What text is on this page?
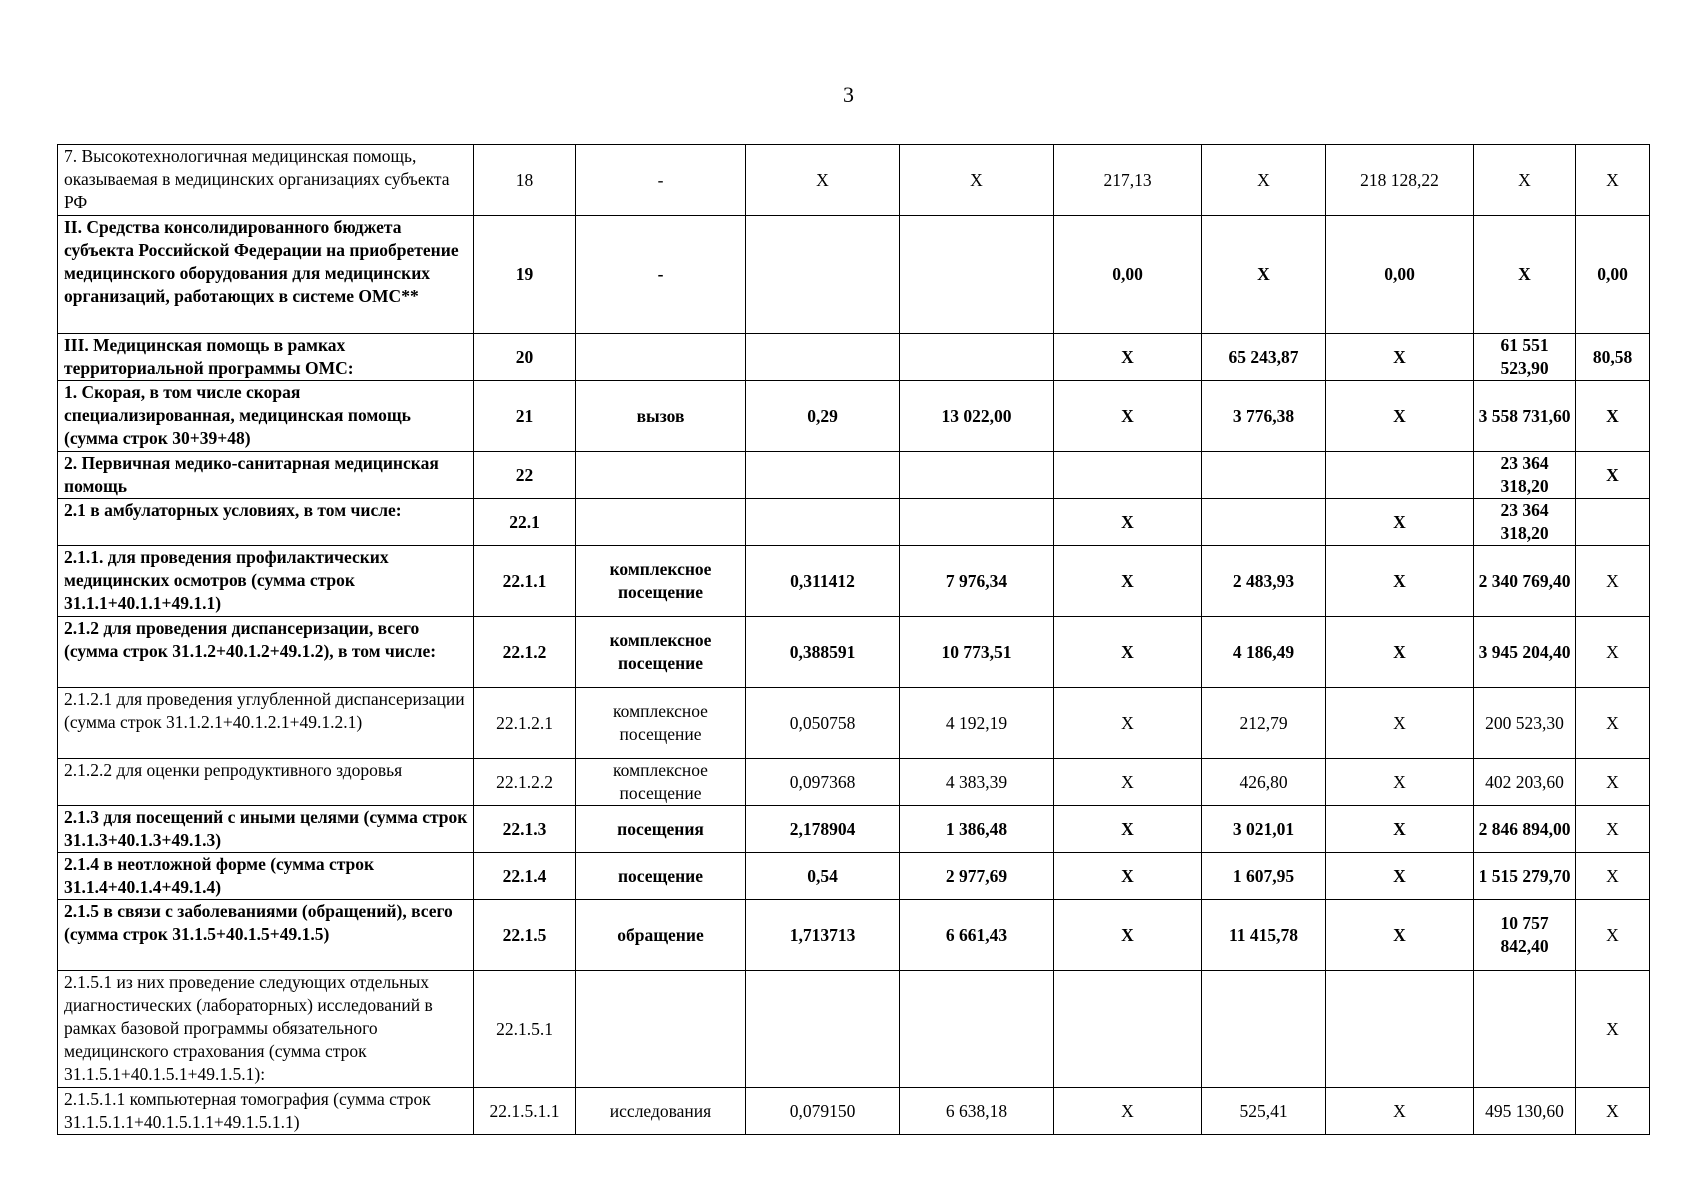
3
7. Высокотехнологичная медицинская помощь, оказываемая в медицинских организациях субъекта РФ	18	-	Х	Х	217,13	Х	218 128,22	Х	Х
II. Средства консолидированного бюджета субъекта Российской Федерации на приобретение медицинского оборудования для медицинских организаций, работающих в системе ОМС**	19	-			0,00	Х	0,00	Х	0,00
III. Медицинская помощь в рамках территориальной программы ОМС:	20				Х	65 243,87	Х	61 551 523,90	80,58
1. Скорая, в том числе скорая специализированная, медицинская помощь (сумма строк 30+39+48)	21	вызов	0,29	13 022,00	Х	3 776,38	Х	3 558 731,60	Х
2. Первичная медико-санитарная медицинская помощь	22							23 364 318,20	Х
2.1 в амбулаторных условиях, в том числе:	22.1				Х		Х	23 364 318,20	
2.1.1. для проведения профилактических медицинских осмотров (сумма строк 31.1.1+40.1.1+49.1.1)	22.1.1	комплексное посещение	0,311412	7 976,34	Х	2 483,93	Х	2 340 769,40	Х
2.1.2 для проведения диспансеризации, всего (сумма строк 31.1.2+40.1.2+49.1.2), в том числе:	22.1.2	комплексное посещение	0,388591	10 773,51	Х	4 186,49	Х	3 945 204,40	Х
2.1.2.1 для проведения углубленной диспансеризации (сумма строк 31.1.2.1+40.1.2.1+49.1.2.1)	22.1.2.1	комплексное посещение	0,050758	4 192,19	Х	212,79	Х	200 523,30	Х
2.1.2.2 для оценки репродуктивного здоровья	22.1.2.2	комплексное посещение	0,097368	4 383,39	Х	426,80	Х	402 203,60	Х
2.1.3 для посещений с иными целями (сумма строк 31.1.3+40.1.3+49.1.3)	22.1.3	посещения	2,178904	1 386,48	Х	3 021,01	Х	2 846 894,00	Х
2.1.4 в неотложной форме (сумма строк 31.1.4+40.1.4+49.1.4)	22.1.4	посещение	0,54	2 977,69	Х	1 607,95	Х	1 515 279,70	Х
2.1.5 в связи с заболеваниями (обращений), всего (сумма строк 31.1.5+40.1.5+49.1.5)	22.1.5	обращение	1,713713	6 661,43	Х	11 415,78	Х	10 757 842,40	Х
2.1.5.1 из них проведение следующих отдельных диагностических (лабораторных) исследований в рамках базовой программы обязательного медицинского страхования (сумма строк 31.1.5.1+40.1.5.1+49.1.5.1):	22.1.5.1								Х
2.1.5.1.1 компьютерная томография (сумма строк 31.1.5.1.1+40.1.5.1.1+49.1.5.1.1)	22.1.5.1.1	исследования	0,079150	6 638,18	Х	525,41	Х	495 130,60	Х
